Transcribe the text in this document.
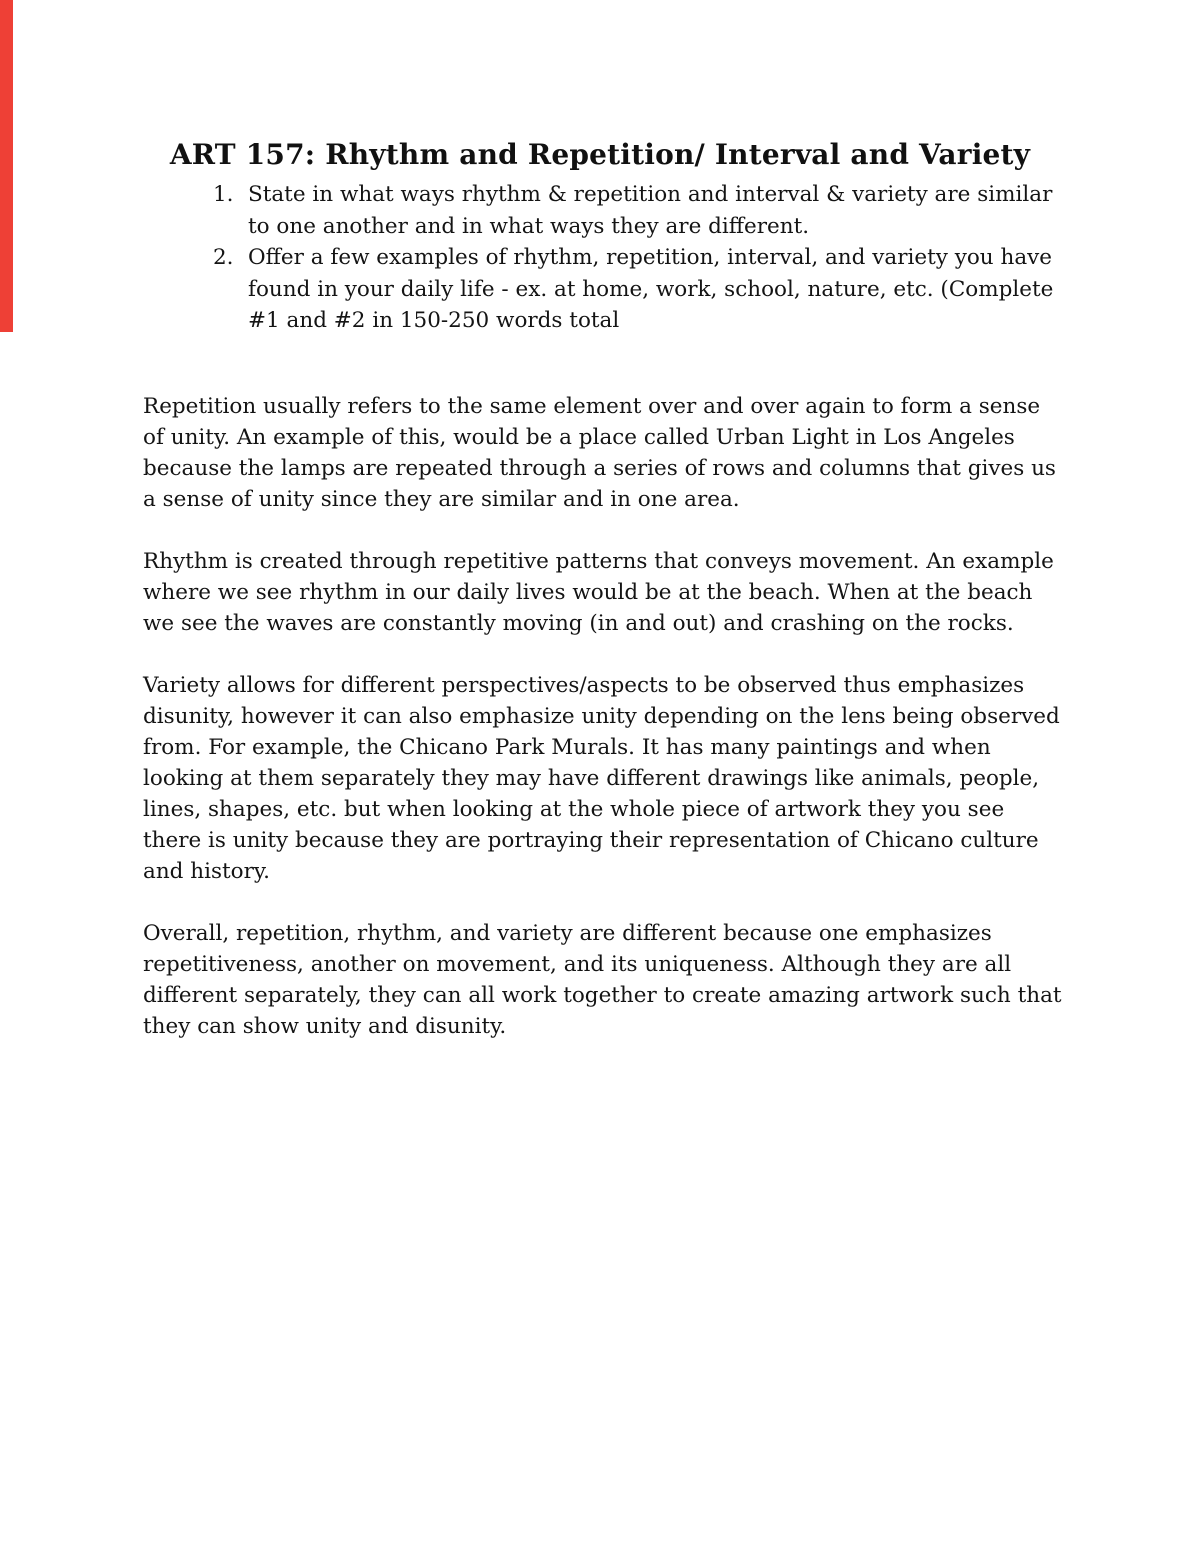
ART 157: Rhythm and Repetition/ Interval and Variety
1. State in what ways rhythm & repetition and interval & variety are similar to one another and in what ways they are different.
2. Offer a few examples of rhythm, repetition, interval, and variety you have found in your daily life - ex. at home, work, school, nature, etc. (Complete #1 and #2 in 150-250 words total

Repetition usually refers to the same element over and over again to form a sense of unity. An example of this, would be a place called Urban Light in Los Angeles because the lamps are repeated through a series of rows and columns that gives us a sense of unity since they are similar and in one area.

Rhythm is created through repetitive patterns that conveys movement. An example where we see rhythm in our daily lives would be at the beach. When at the beach we see the waves are constantly moving (in and out) and crashing on the rocks.

Variety allows for different perspectives/aspects to be observed thus emphasizes disunity, however it can also emphasize unity depending on the lens being observed from. For example, the Chicano Park Murals. It has many paintings and when looking at them separately they may have different drawings like animals, people, lines, shapes, etc. but when looking at the whole piece of artwork they you see there is unity because they are portraying their representation of Chicano culture and history.

Overall, repetition, rhythm, and variety are different because one emphasizes repetitiveness, another on movement, and its uniqueness. Although they are all different separately, they can all work together to create amazing artwork such that they can show unity and disunity.
